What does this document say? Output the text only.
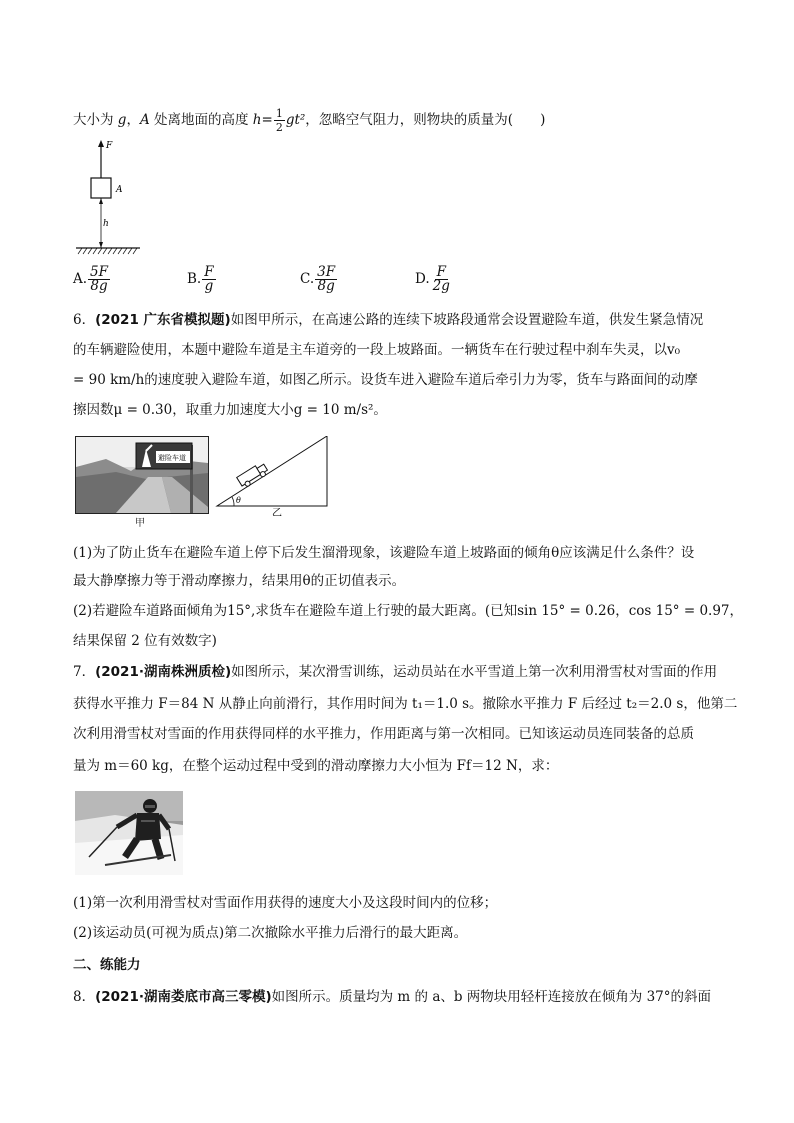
大小为 g，A 处离地面的高度 $h= \frac{1}{2} gt^2$，忽略空气阻力，则物块的质量为(　　)
F
A
h
A. $\frac{5F}{8g}$	B. $\frac{F}{g}$	C. $\frac{3F}{8g}$	D. $\frac{F}{2g}$
6．(2021 广东省模拟题)如图甲所示，在高速公路的连续下坡路段通常会设置避险车道，供发生紧急情况
的车辆避险使用，本题中避险车道是主车道旁的一段上坡路面。一辆货车在行驶过程中刹车失灵，以v₀
= 90 km/h的速度驶入避险车道，如图乙所示。设货车进入避险车道后牵引力为零，货车与路面间的动摩
擦因数μ = 0.30，取重力加速度大小g = 10 m/s²。
避险车道
甲
θ
乙
(1)为了防止货车在避险车道上停下后发生溜滑现象，该避险车道上坡路面的倾角θ应该满足什么条件？设
最大静摩擦力等于滑动摩擦力，结果用θ的正切值表示。
(2)若避险车道路面倾角为15°,求货车在避险车道上行驶的最大距离。(已知sin 15° = 0.26，cos 15° = 0.97，
结果保留 2 位有效数字)
7．(2021·湖南株洲质检)如图所示，某次滑雪训练，运动员站在水平雪道上第一次利用滑雪杖对雪面的作用
获得水平推力 F＝84 N 从静止向前滑行，其作用时间为 t₁＝1.0 s。撤除水平推力 F 后经过 t₂＝2.0 s，他第二
次利用滑雪杖对雪面的作用获得同样的水平推力，作用距离与第一次相同。已知该运动员连同装备的总质
量为 m＝60 kg，在整个运动过程中受到的滑动摩擦力大小恒为 Ff＝12 N，求：
(1)第一次利用滑雪杖对雪面作用获得的速度大小及这段时间内的位移；
(2)该运动员(可视为质点)第二次撤除水平推力后滑行的最大距离。
二、练能力
8．(2021·湖南娄底市高三零模)如图所示。质量均为 m 的 a、b 两物块用轻杆连接放在倾角为 37°的斜面
